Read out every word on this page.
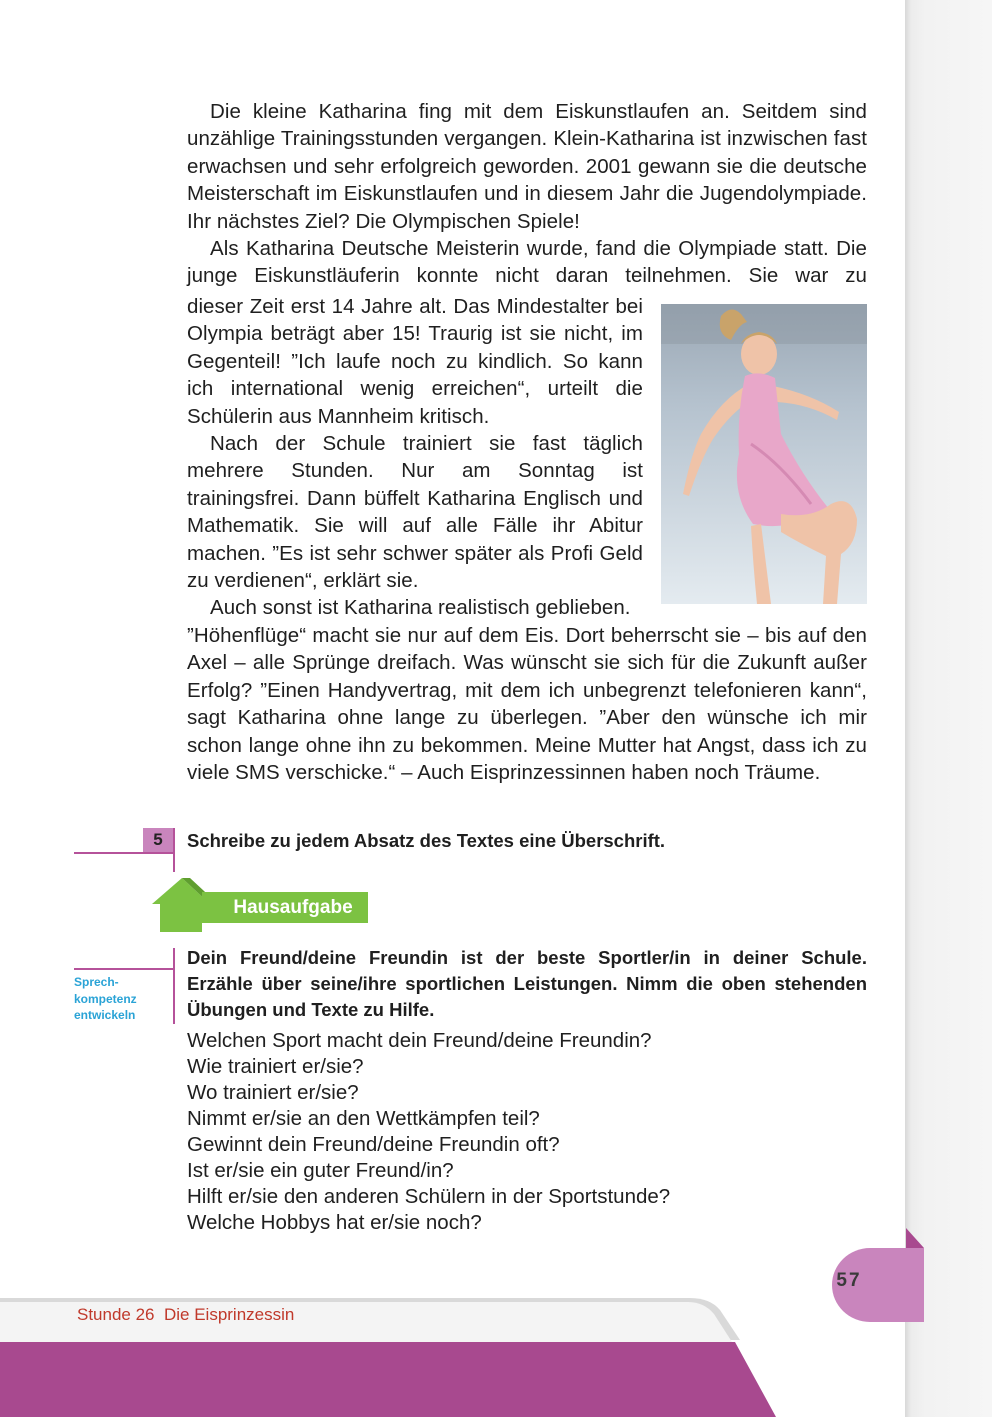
Die kleine Katharina fing mit dem Eiskunstlaufen an. Seitdem sind unzählige Trainingsstunden vergangen. Klein-Katharina ist inzwischen fast erwachsen und sehr erfolgreich geworden. 2001 gewann sie die deutsche Meisterschaft im Eiskunstlaufen und in diesem Jahr die Jugendolympiade. Ihr nächstes Ziel? Die Olympischen Spiele!

Als Katharina Deutsche Meisterin wurde, fand die Olympiade statt. Die junge Eiskunstläuferin konnte nicht daran teilnehmen. Sie war zu

dieser Zeit erst 14 Jahre alt. Das Mindestalter bei Olympia beträgt aber 15! Traurig ist sie nicht, im Gegenteil! ”Ich laufe noch zu kindlich. So kann ich international wenig erreichen“, urteilt die Schülerin aus Mannheim kritisch.

Nach der Schule trainiert sie fast täglich mehrere Stunden. Nur am Sonntag ist trainingsfrei. Dann büffelt Katharina Englisch und Mathematik. Sie will auf alle Fälle ihr Abitur machen. ”Es ist sehr schwer später als Profi Geld zu verdienen“, erklärt sie.

Auch sonst ist Katharina realistisch geblieben.

”Höhenflüge“ macht sie nur auf dem Eis. Dort beherrscht sie – bis auf den Axel – alle Sprünge dreifach. Was wünscht sie sich für die Zukunft außer Erfolg? ”Einen Handyvertrag, mit dem ich unbegrenzt telefonieren kann“, sagt Katharina ohne lange zu überlegen. ”Aber den wünsche ich mir schon lange ohne ihn zu bekommen. Meine Mutter hat Angst, dass ich zu viele SMS verschicke.“ – Auch Eisprinzessinnen haben noch Träume.

5	Schreibe zu jedem Absatz des Textes eine Überschrift.
Hausaufgabe
Sprech-
kompetenz
entwickeln
Dein Freund/deine Freundin ist der beste Sportler/in in deiner Schule. Erzähle über seine/ihre sportlichen Leistungen. Nimm die oben stehenden Übungen und Texte zu Hilfe.
Welchen Sport macht dein Freund/deine Freundin?
Wie trainiert er/sie?
Wo trainiert er/sie?
Nimmt er/sie an den Wettkämpfen teil?
Gewinnt dein Freund/deine Freundin oft?
Ist er/sie ein guter Freund/in?
Hilft er/sie den anderen Schülern in der Sportstunde?
Welche Hobbys hat er/sie noch?
57
Stunde 26 Die Eisprinzessin
